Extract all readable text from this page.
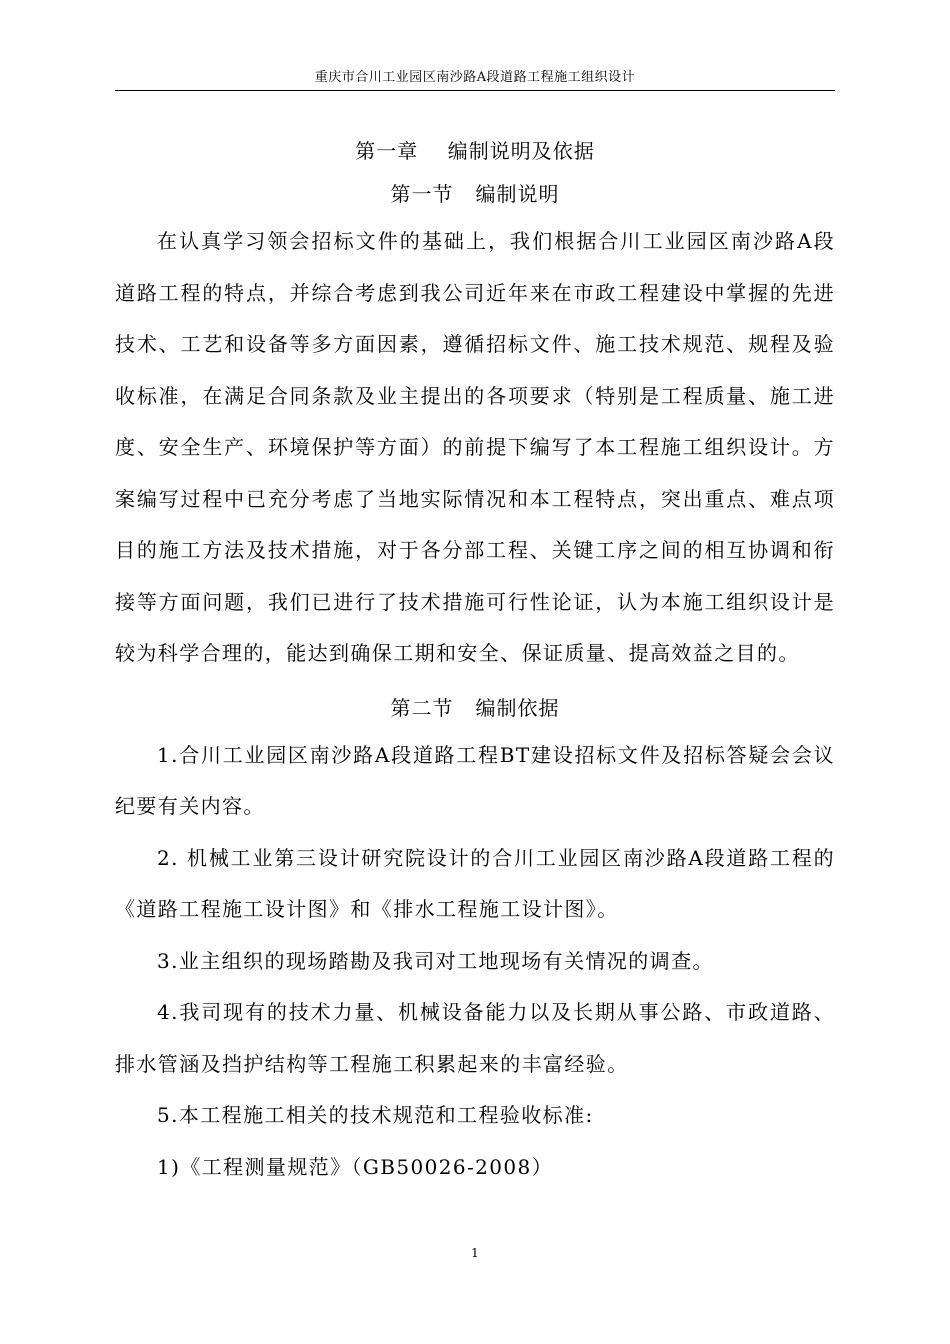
重庆市合川工业园区南沙路A段道路工程施工组织设计
第一章    编制说明及依据
第一节   编制说明

在认真学习领会招标文件的基础上，我们根据合川工业园区南沙路A段道路工程的特点，并综合考虑到我公司近年来在市政工程建设中掌握的先进技术、工艺和设备等多方面因素，遵循招标文件、施工技术规范、规程及验收标准，在满足合同条款及业主提出的各项要求（特别是工程质量、施工进度、安全生产、环境保护等方面）的前提下编写了本工程施工组织设计。方案编写过程中已充分考虑了当地实际情况和本工程特点，突出重点、难点项目的施工方法及技术措施，对于各分部工程、关键工序之间的相互协调和衔接等方面问题，我们已进行了技术措施可行性论证，认为本施工组织设计是较为科学合理的，能达到确保工期和安全、保证质量、提高效益之目的。

第二节   编制依据

1.合川工业园区南沙路A段道路工程BT建设招标文件及招标答疑会会议纪要有关内容。

2. 机械工业第三设计研究院设计的合川工业园区南沙路A段道路工程的《道路工程施工设计图》和《排水工程施工设计图》。

3.业主组织的现场踏勘及我司对工地现场有关情况的调查。

4.我司现有的技术力量、机械设备能力以及长期从事公路、市政道路、排水管涵及挡护结构等工程施工积累起来的丰富经验。

5.本工程施工相关的技术规范和工程验收标准:

1)《工程测量规范》（GB50026-2008）

1
